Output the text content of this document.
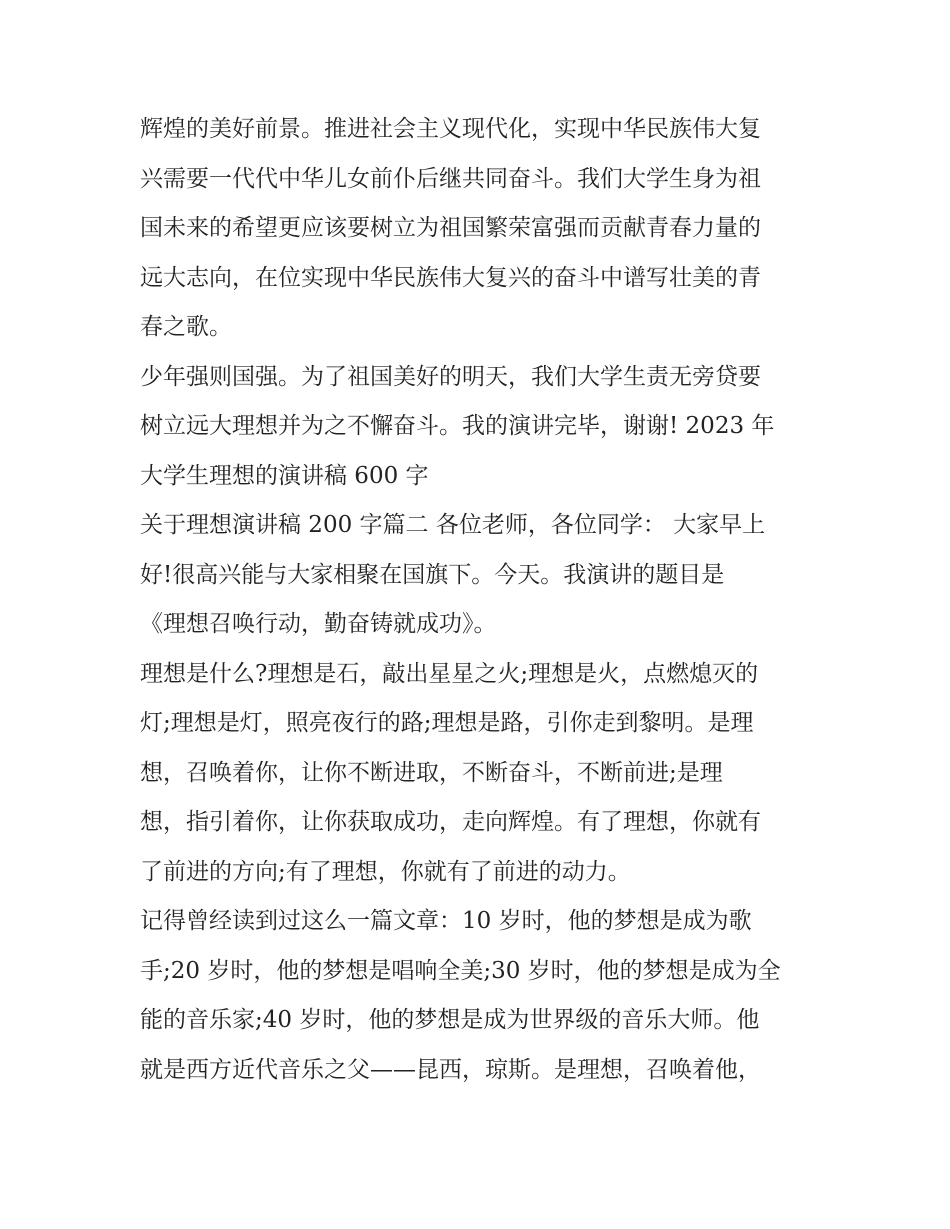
辉煌的美好前景。推进社会主义现代化，实现中华民族伟大复
兴需要一代代中华儿女前仆后继共同奋斗。我们大学生身为祖
国未来的希望更应该要树立为祖国繁荣富强而贡献青春力量的
远大志向，在位实现中华民族伟大复兴的奋斗中谱写壮美的青
春之歌。
少年强则国强。为了祖国美好的明天，我们大学生责无旁贷要
树立远大理想并为之不懈奋斗。我的演讲完毕，谢谢! 2023 年
大学生理想的演讲稿 600 字
关于理想演讲稿 200 字篇二 各位老师，各位同学： 大家早上
好!很高兴能与大家相聚在国旗下。今天。我演讲的题目是
《理想召唤行动，勤奋铸就成功》。
理想是什么?理想是石，敲出星星之火;理想是火，点燃熄灭的
灯;理想是灯，照亮夜行的路;理想是路，引你走到黎明。是理
想，召唤着你，让你不断进取，不断奋斗，不断前进;是理
想，指引着你，让你获取成功，走向辉煌。有了理想，你就有
了前进的方向;有了理想，你就有了前进的动力。
记得曾经读到过这么一篇文章：10 岁时，他的梦想是成为歌
手;20 岁时，他的梦想是唱响全美;30 岁时，他的梦想是成为全
能的音乐家;40 岁时，他的梦想是成为世界级的音乐大师。他
就是西方近代音乐之父——昆西，琼斯。是理想，召唤着他，
